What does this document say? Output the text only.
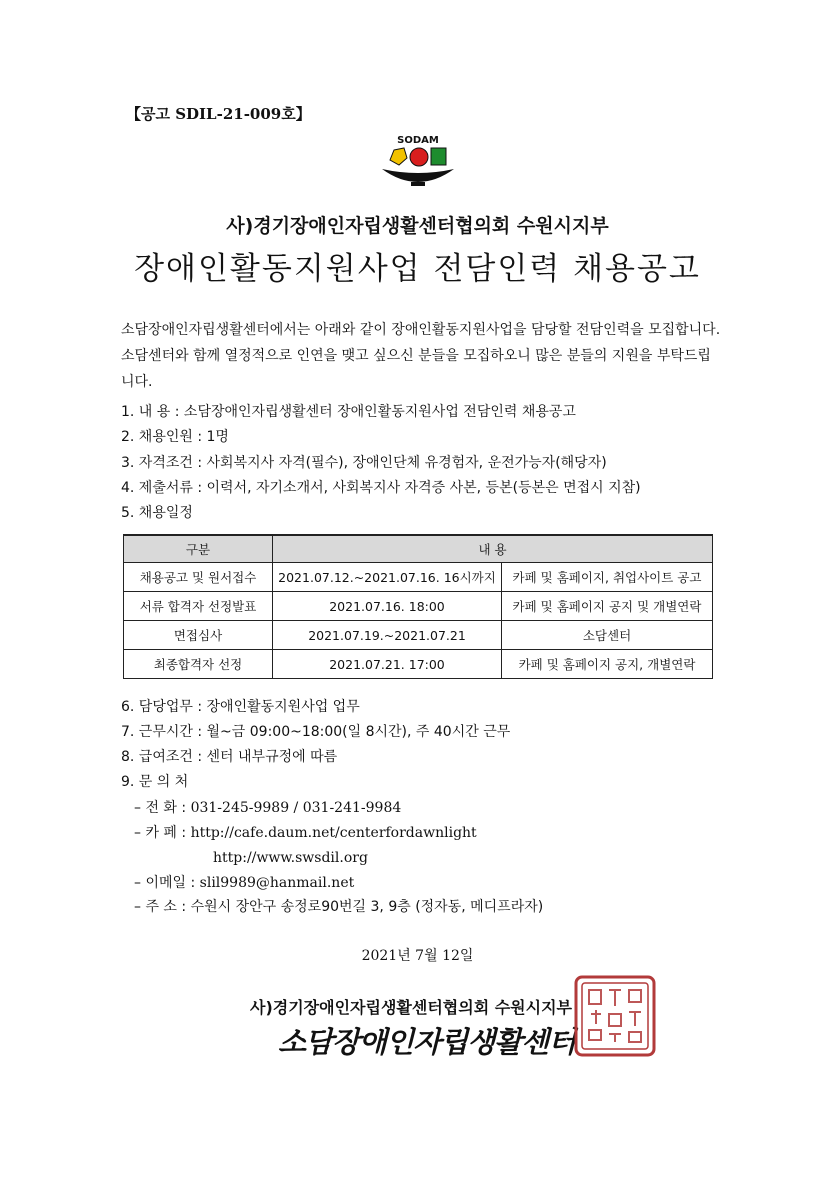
【공고 SDIL-21-009호】
SODAM
사)경기장애인자립생활센터협의회 수원시지부
장애인활동지원사업 전담인력 채용공고
소담장애인자립생활센터에서는 아래와 같이 장애인활동지원사업을 담당할 전담인력을 모집합니다. 소담센터와 함께 열정적으로 인연을 맺고 싶으신 분들을 모집하오니 많은 분들의 지원을 부탁드립니다.
1. 내 용 : 소담장애인자립생활센터 장애인활동지원사업 전담인력 채용공고
2. 채용인원 : 1명
3. 자격조건 : 사회복지사 자격(필수), 장애인단체 유경험자, 운전가능자(해당자)
4. 제출서류 : 이력서, 자기소개서, 사회복지사 자격증 사본, 등본(등본은 면접시 지참)
5. 채용일정
구분	내 용	
채용공고 및 원서접수	2021.07.12.~2021.07.16. 16시까지	카페 및 홈페이지, 취업사이트 공고
서류 합격자 선정발표	2021.07.16. 18:00	카페 및 홈페이지 공지 및 개별연락
면접심사	2021.07.19.~2021.07.21	소담센터
최종합격자 선정	2021.07.21. 17:00	카페 및 홈페이지 공지, 개별연락
6. 담당업무 : 장애인활동지원사업 업무
7. 근무시간 : 월~금 09:00~18:00(일 8시간), 주 40시간 근무
8. 급여조건 : 센터 내부규정에 따름
9. 문 의 처
– 전 화 : 031-245-9989 / 031-241-9984
– 카 페 : http://cafe.daum.net/centerfordawnlight
http://www.swsdil.org
– 이메일 : slil9989@hanmail.net
– 주 소 : 수원시 장안구 송정로90번길 3, 9층 (정자동, 메디프라자)
2021년 7월 12일
사)경기장애인자립생활센터협의회 수원시지부
소담장애인자립생활센터
